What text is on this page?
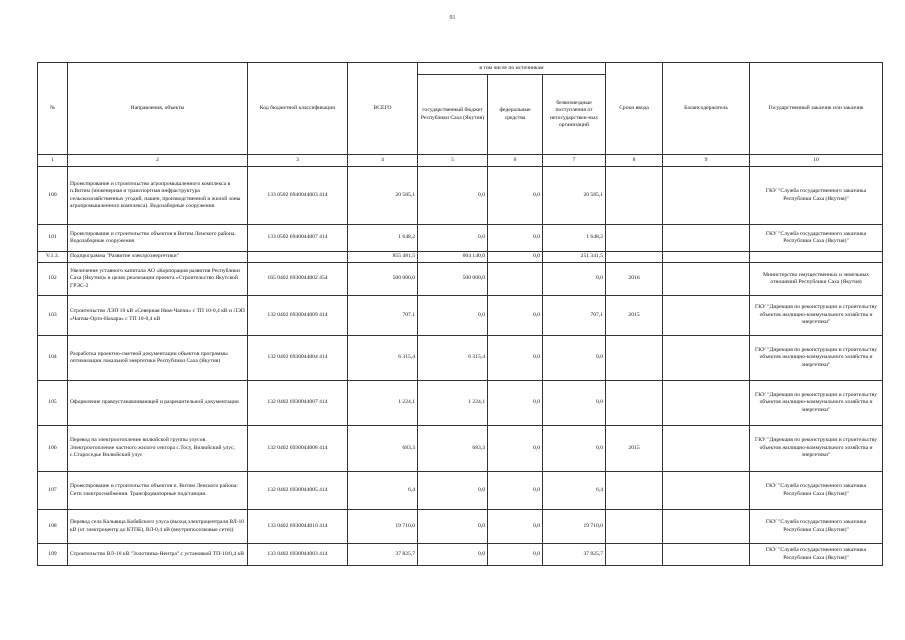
91
№	Направления, объекты	Код бюджетной классификации	ВСЕГО	в том числе по источникам			Сроки ввода	Балансодержатель	Государственный заказчик или заказчик
				государственный бюджет Республики Саха (Якутия)	федеральные средства	безвозмездные поступления от негосударствен-ных организаций			
1	2	3	4	5	6	7	8	9	10
100	Проектирование и строительство агропромышленного комплекса в п.Витим (инженерная и транспортная инфраструктура сельскохозяйственных угодий, пашен, производственной и жилой зоны агропромышленного комплекса). Водозаборные сооружения	133 0502 6940044003 414	20 585,1	0,0	0,0	20 585,1			ГКУ "Служба государственного заказчика Республики Саха (Якутия)"
101	Проектирование и строительство объектов в Витим Ленского района. Водозаборные сооружения	133 0502 6940044007 414	1 648,2	0,0	0,0	1 648,2			ГКУ "Служба государственного заказчика Республики Саха (Якутия)"
V.1.3.	Подпрограмма "Развитие электроэнергетики"		855 481,5	604 140,0	0,0	251 341,5			
102	Увеличение уставного капитала АО «Корпорация развития Республики Саха (Якутия)» в целях реализации проекта «Строительство Якутской ГРЭС-2	165 0402 6930044002 454	500 000,0	500 000,0		0,0	2016		Министерство имущественных и земельных отношений Республики Саха (Якутия)
103	Строительство ЛЭП 10 кВ «Северная Нюя-Чапчи» с ТП 10-0,4 кВ и ЛЭП «Чапчы-Орто-Нахара» с ТП 10-0,4 кВ	132 0402 6930044009 414	707,1	0,0	0,0	707,1	2015		ГКУ "Дирекция по реконструкции и строительству объектов жилищно-коммунального хозяйства и энергетики"
104	Разработка проектно-сметной документации объектов программы оптимизации локальной энергетики Республики Саха (Якутия)	132 0402 6930044004 414	6 315,4	6 315,4	0,0	0,0			ГКУ "Дирекция по реконструкции и строительству объектов жилищно-коммунального хозяйства и энергетики"
105	Оформление правоустанавливающей и разрешительной документации	132 0402 6930044007 414	1 224,1	1 224,1	0,0	0,0			ГКУ "Дирекция по реконструкции и строительству объектов жилищно-коммунального хозяйства и энергетики"
106	Перевод на электроотопление вилюйской группы улусов. Электроотопление частного жилого сектора с.Тосу, Вилюйский улус, с.Староседье Вилюйский улус	132 0402 6930044008 414	683,3	683,3	0,0	0,0	2015		ГКУ "Дирекция по реконструкции и строительству объектов жилищно-коммунального хозяйства и энергетики"
107	Проектирование и строительство объектов п. Витим Ленского района: Сети электроснабжения. Трансформаторные подстанции.	132 0402 6930044005 414	6,4	0,0	0,0	6,4			ГКУ "Служба государственного заказчика Республики Саха (Якутия)"
108	Перевод села Кальвица Кобяйского улуса (выход электроцентраля ВЛ-10 кВ (от электроцентр до КТПБ), ВЛ-0,4 кВ (внутрипоселковые сети))	133 0402 6930044010 414	19 710,0	0,0	0,0	19 710,0			ГКУ "Служба государственного заказчика Республики Саха (Якутия)"
109	Строительство ВЛ-10 кВ "Золотинка-Нентра" с установкой ТП-10/0,4 кВ	133 0402 6930044003 414	37 825,7	0,0	0,0	37 825,7			ГКУ "Служба государственного заказчика Республики Саха (Якутия)"
